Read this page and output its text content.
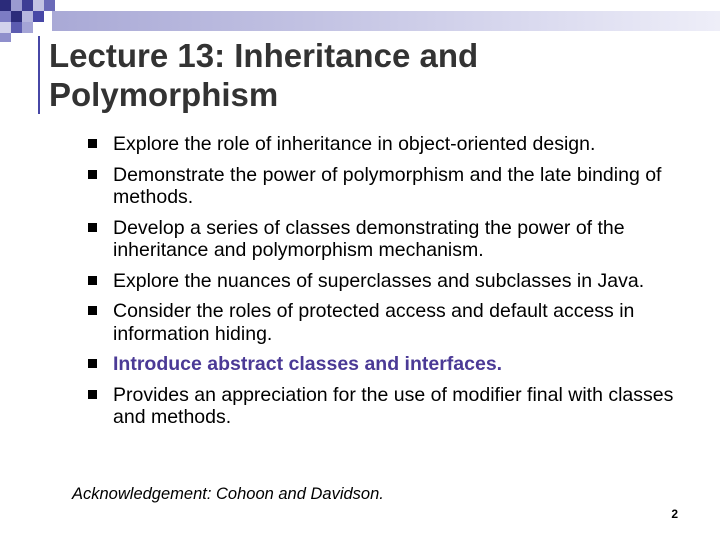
Lecture 13: Inheritance and Polymorphism
Explore the role of inheritance in object-oriented design.
Demonstrate the power of polymorphism and the late binding of methods.
Develop a series of classes demonstrating the power of the inheritance and polymorphism mechanism.
Explore the nuances of superclasses and subclasses in Java.
Consider the roles of protected access and default access in information hiding.
Introduce abstract classes and interfaces.
Provides an appreciation for the use of modifier final with classes and methods.

Acknowledgement: Cohoon and Davidson.

2
